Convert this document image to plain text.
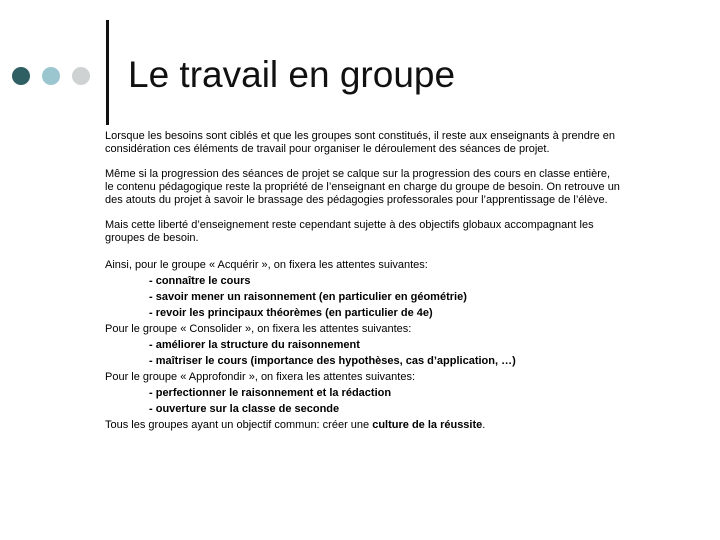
Le travail en groupe

Lorsque les besoins sont ciblés et que les groupes sont constitués, il reste aux enseignants à prendre en considération ces éléments de travail pour organiser le déroulement des séances de projet.

Même si la progression des séances de projet se calque sur la progression des cours en classe entière, le contenu pédagogique reste la propriété de l’enseignant en charge du groupe de besoin. On retrouve un des atouts du projet à savoir le brassage des pédagogies professorales pour l’apprentissage de l’élève.

Mais cette liberté d’enseignement reste cependant sujette à des objectifs globaux accompagnant les groupes de besoin.

Ainsi, pour le groupe « Acquérir », on fixera les attentes suivantes:
- connaître le cours
- savoir mener un raisonnement (en particulier en géométrie)
- revoir les principaux théorèmes (en particulier de 4e)
Pour le groupe « Consolider », on fixera les attentes suivantes:
- améliorer la structure du raisonnement
- maîtriser le cours (importance des hypothèses, cas d’application, …)
Pour le groupe « Approfondir », on fixera les attentes suivantes:
- perfectionner le raisonnement et la rédaction
- ouverture sur la classe de seconde
Tous les groupes ayant un objectif commun: créer une culture de la réussite.
